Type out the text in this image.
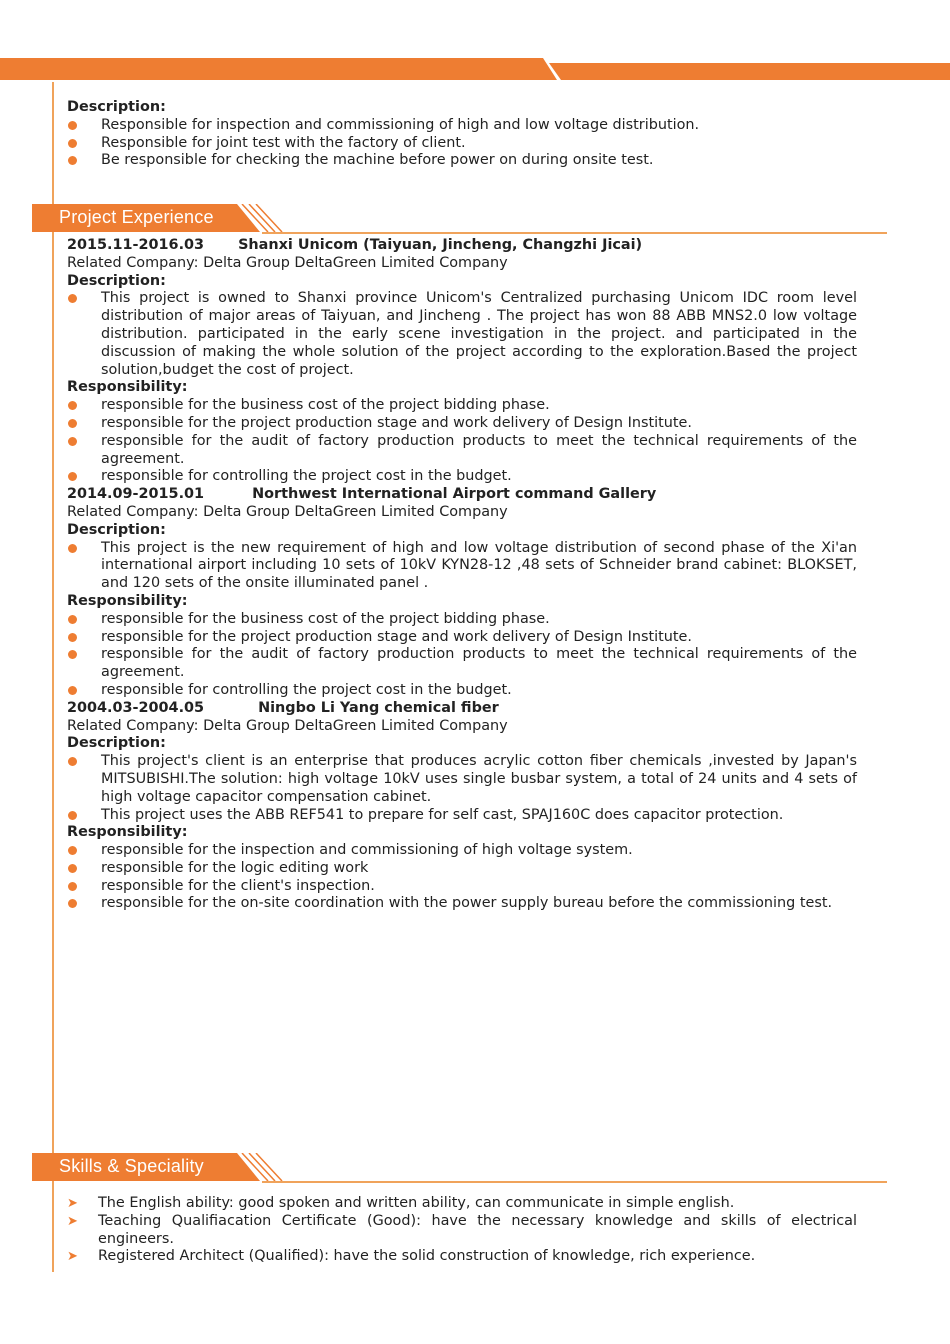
Description:

Responsible for inspection and commissioning of high and low voltage distribution.
Responsible for joint test with the factory of client.
Be responsible for checking the machine before power on during onsite test.
Project Experience

2015.11-2016.03 Shanxi Unicom (Taiyuan, Jincheng, Changzhi Jicai)

Related Company: Delta Group DeltaGreen Limited Company

Description:

This project is owned to Shanxi province Unicom's Centralized purchasing Unicom IDC room level distribution of major areas of Taiyuan, and Jincheng . The project has won 88 ABB MNS2.0 low voltage distribution. participated in the early scene investigation in the project. and participated in the discussion of making the whole solution of the project according to the exploration.Based the project solution,budget the cost of project.

Responsibility:

responsible for the business cost of the project bidding phase.
responsible for the project production stage and work delivery of Design Institute.
responsible for the audit of factory production products to meet the technical requirements of the agreement.
responsible for controlling the project cost in the budget.

2014.09-2015.01	Northwest International Airport command Gallery

Related Company: Delta Group DeltaGreen Limited Company

Description:

This project is the new requirement of high and low voltage distribution of second phase of the Xi'an international airport including 10 sets of 10kV KYN28-12 ,48 sets of Schneider brand cabinet: BLOKSET, and 120 sets of the onsite illuminated panel .

Responsibility:

responsible for the business cost of the project bidding phase.
responsible for the project production stage and work delivery of Design Institute.
responsible for the audit of factory production products to meet the technical requirements of the agreement.
responsible for controlling the project cost in the budget.

2004.03-2004.05	Ningbo Li Yang chemical fiber

Related Company: Delta Group DeltaGreen Limited Company

Description:

This project's client is an enterprise that produces acrylic cotton fiber chemicals ,invested by Japan's MITSUBISHI.The solution: high voltage 10kV uses single busbar system, a total of 24 units and 4 sets of high voltage capacitor compensation cabinet.
This project uses the ABB REF541 to prepare for self cast, SPAJ160C does capacitor protection.

Responsibility:

responsible for the inspection and commissioning of high voltage system.
responsible for the logic editing work
responsible for the client's inspection.
responsible for the on-site coordination with the power supply bureau before the commissioning test.
Skills & Speciality
➤ The English ability: good spoken and written ability, can communicate in simple english.
➤ Teaching Qualifiacation Certificate (Good): have the necessary knowledge and skills of electrical engineers.
➤ Registered Architect (Qualified): have the solid construction of knowledge, rich experience.
